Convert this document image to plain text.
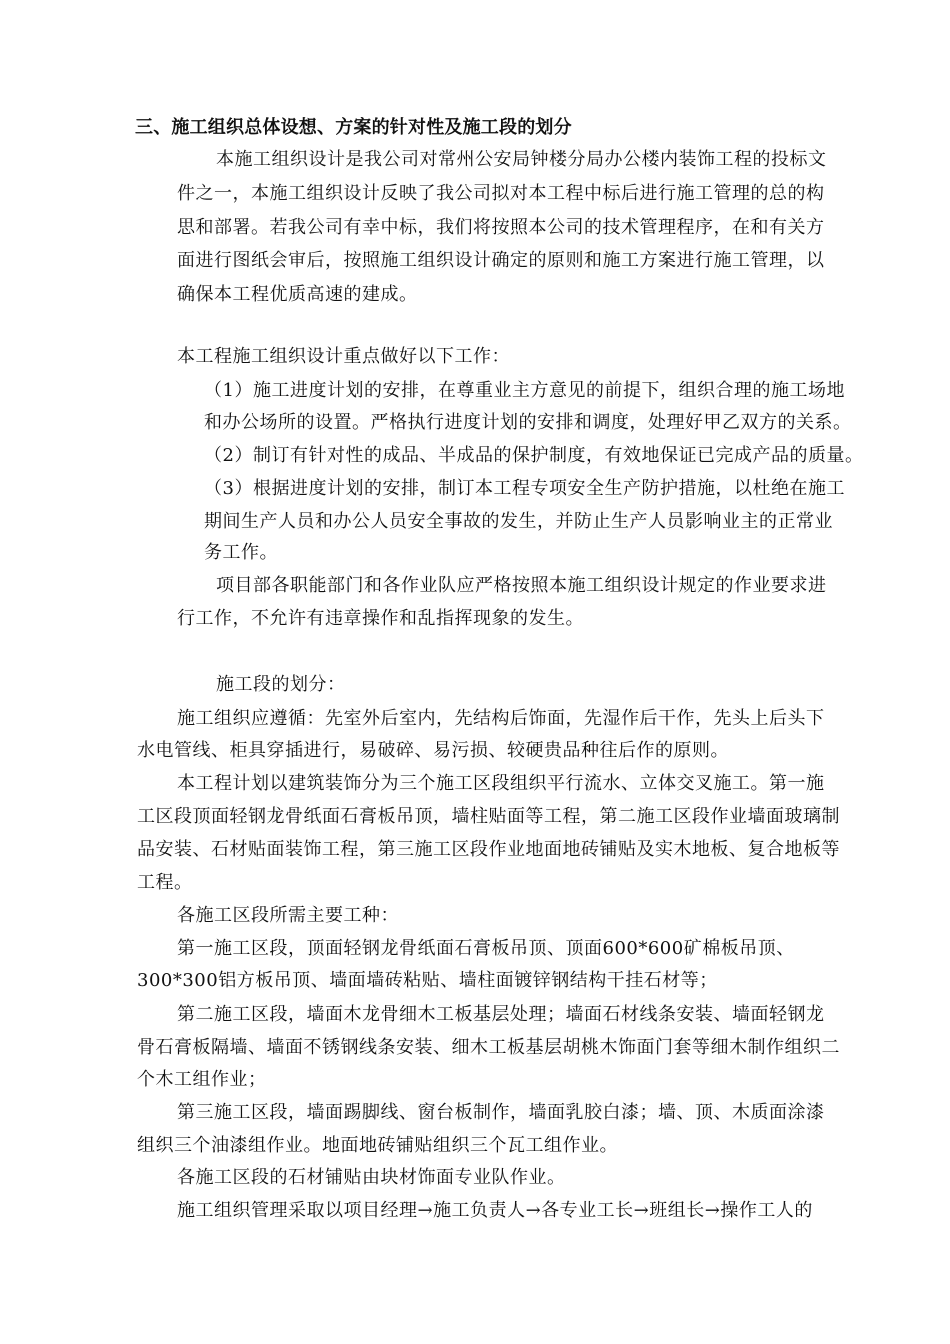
三、施工组织总体设想、方案的针对性及施工段的划分
本施工组织设计是我公司对常州公安局钟楼分局办公楼内装饰工程的投标文
件之一，本施工组织设计反映了我公司拟对本工程中标后进行施工管理的总的构
思和部署。若我公司有幸中标，我们将按照本公司的技术管理程序，在和有关方
面进行图纸会审后，按照施工组织设计确定的原则和施工方案进行施工管理，以
确保本工程优质高速的建成。
本工程施工组织设计重点做好以下工作：
（1）施工进度计划的安排，在尊重业主方意见的前提下，组织合理的施工场地
和办公场所的设置。严格执行进度计划的安排和调度，处理好甲乙双方的关系。
（2）制订有针对性的成品、半成品的保护制度，有效地保证已完成产品的质量。
（3）根据进度计划的安排，制订本工程专项安全生产防护措施，以杜绝在施工
期间生产人员和办公人员安全事故的发生，并防止生产人员影响业主的正常业
务工作。
项目部各职能部门和各作业队应严格按照本施工组织设计规定的作业要求进
行工作，不允许有违章操作和乱指挥现象的发生。
施工段的划分：
施工组织应遵循：先室外后室内，先结构后饰面，先湿作后干作，先头上后头下
水电管线、柜具穿插进行，易破碎、易污损、较硬贵品种往后作的原则。
本工程计划以建筑装饰分为三个施工区段组织平行流水、立体交叉施工。第一施
工区段顶面轻钢龙骨纸面石膏板吊顶，墙柱贴面等工程，第二施工区段作业墙面玻璃制
品安装、石材贴面装饰工程，第三施工区段作业地面地砖铺贴及实木地板、复合地板等
工程。
各施工区段所需主要工种：
第一施工区段，顶面轻钢龙骨纸面石膏板吊顶、顶面600*600矿棉板吊顶、
300*300铝方板吊顶、墙面墙砖粘贴、墙柱面镀锌钢结构干挂石材等；
第二施工区段，墙面木龙骨细木工板基层处理；墙面石材线条安装、墙面轻钢龙
骨石膏板隔墙、墙面不锈钢线条安装、细木工板基层胡桃木饰面门套等细木制作组织二
个木工组作业；
第三施工区段，墙面踢脚线、窗台板制作，墙面乳胶白漆；墙、顶、木质面涂漆
组织三个油漆组作业。地面地砖铺贴组织三个瓦工组作业。
各施工区段的石材铺贴由块材饰面专业队作业。
施工组织管理采取以项目经理→施工负责人→各专业工长→班组长→操作工人的
